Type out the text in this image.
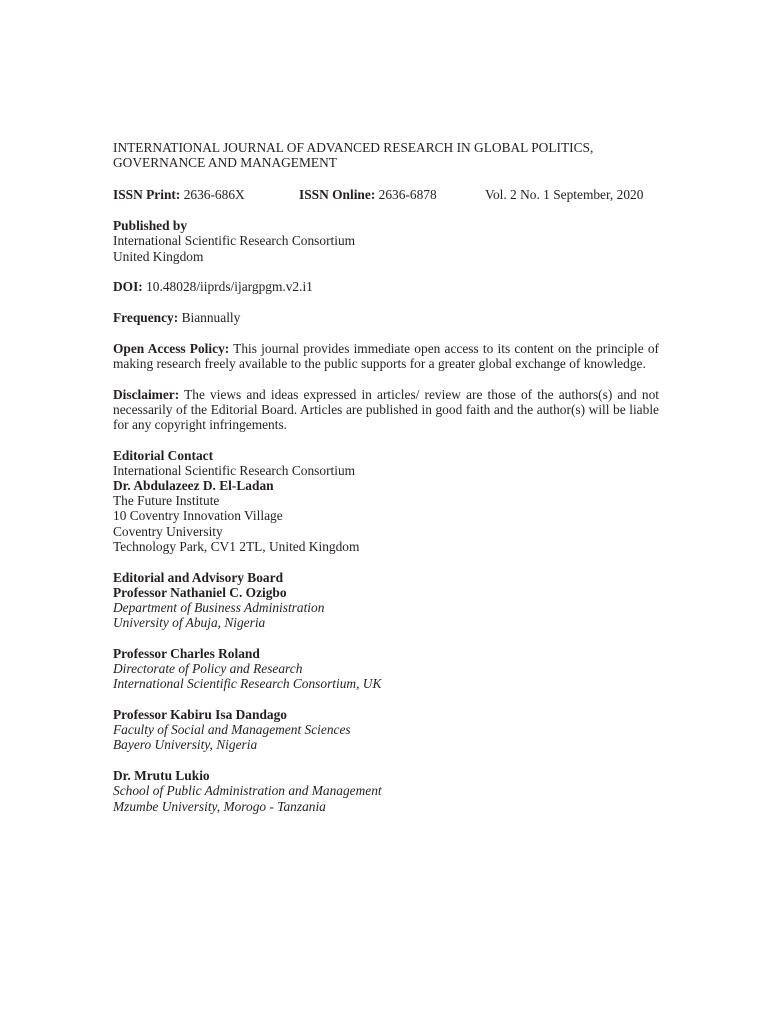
INTERNATIONAL JOURNAL OF ADVANCED RESEARCH IN GLOBAL POLITICS,
GOVERNANCE AND MANAGEMENT

ISSN Print: 2636-686X	ISSN Online: 2636-6878	Vol. 2 No. 1 September, 2020
Published by
International Scientific Research Consortium
United Kingdom
DOI: 10.48028/iiprds/ijargpgm.v2.i1
Frequency: Biannually
Open Access Policy: This journal provides immediate open access to its content on the principle of making research freely available to the public supports for a greater global exchange of knowledge.
Disclaimer: The views and ideas expressed in articles/ review are those of the authors(s) and not necessarily of the Editorial Board. Articles are published in good faith and the author(s) will be liable for any copyright infringements.
Editorial Contact
International Scientific Research Consortium
Dr. Abdulazeez D. El-Ladan
The Future Institute
10 Coventry Innovation Village
Coventry University
Technology Park, CV1 2TL, United Kingdom
Editorial and Advisory Board
Professor Nathaniel C. Ozigbo
Department of Business Administration
University of Abuja, Nigeria
Professor Charles Roland
Directorate of Policy and Research
International Scientific Research Consortium, UK
Professor Kabiru Isa Dandago
Faculty of Social and Management Sciences
Bayero University, Nigeria
Dr. Mrutu Lukio
School of Public Administration and Management
Mzumbe University, Morogo - Tanzania
